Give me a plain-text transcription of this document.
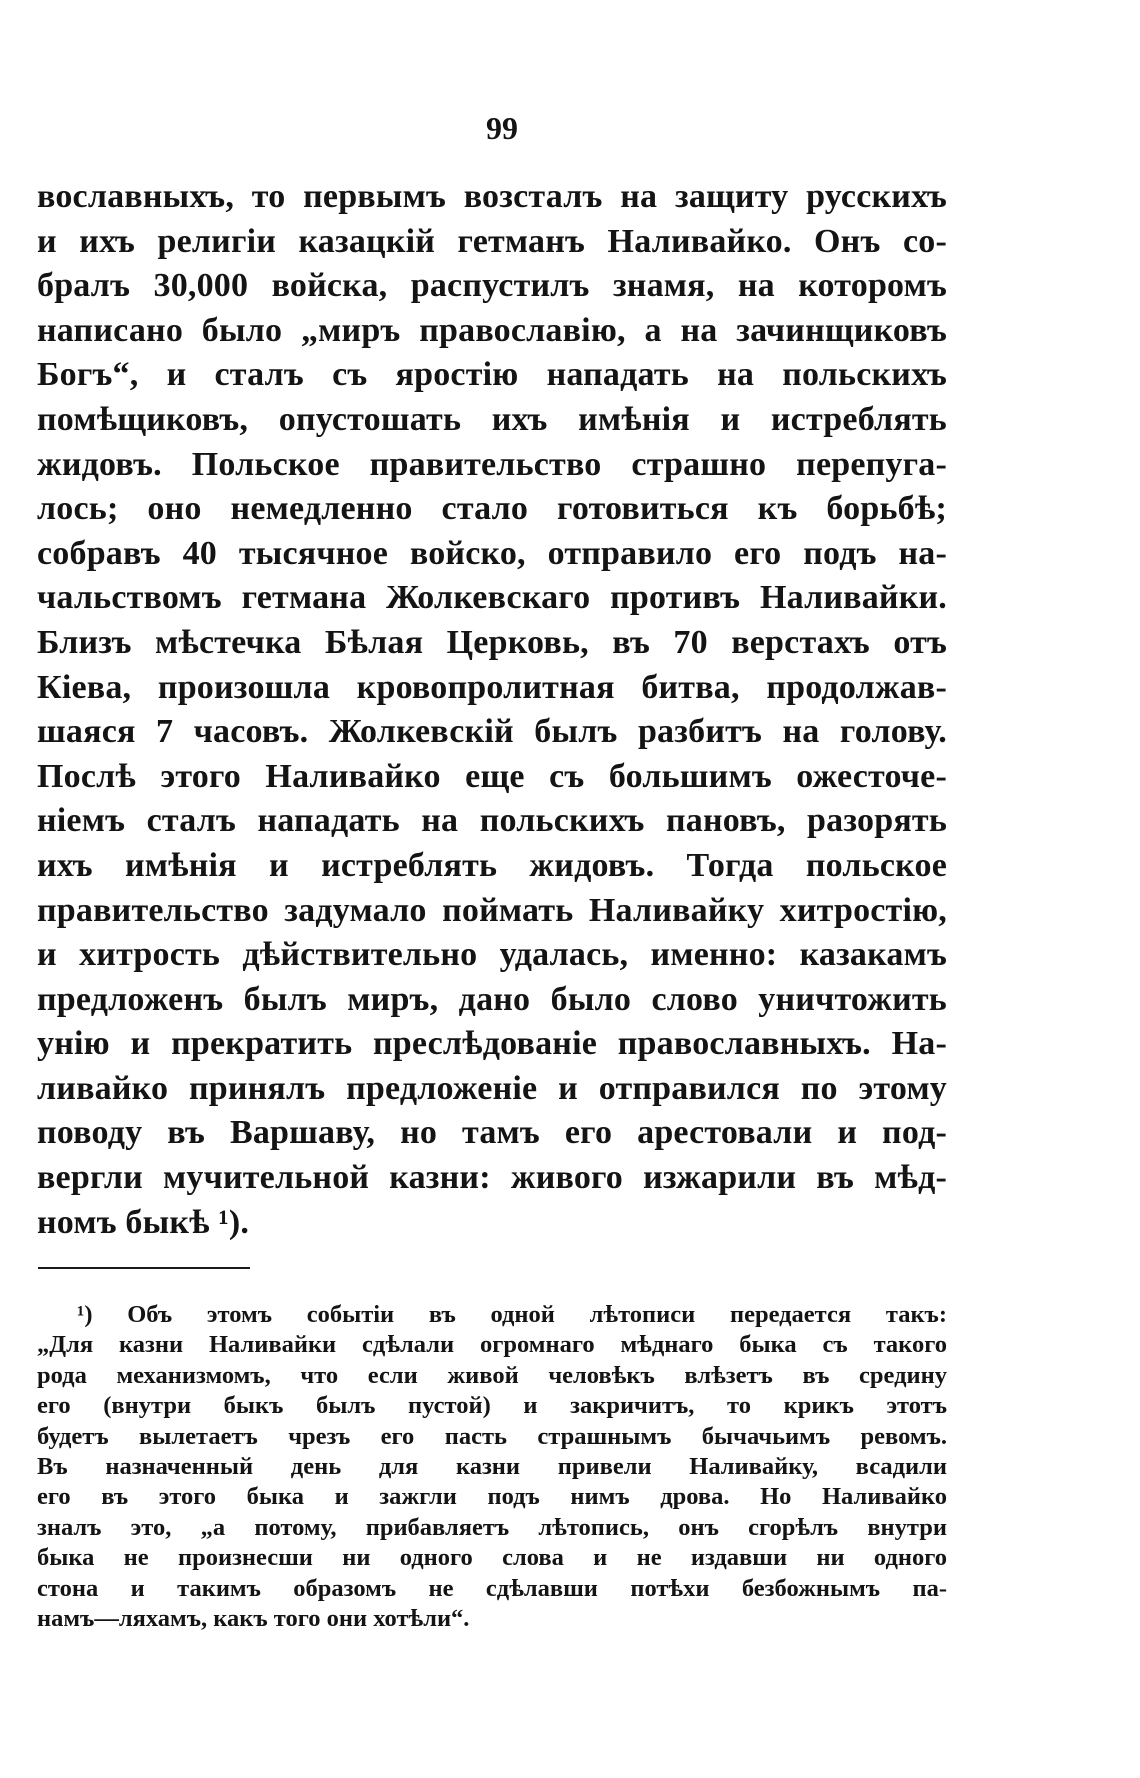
99
вославныхъ, то первымъ возсталъ на защиту русскихъ
и ихъ религіи казацкій гетманъ Наливайко. Онъ со-
бралъ 30,000 войска, распустилъ знамя, на которомъ
написано было „миръ православію, а на зачинщиковъ
Богъ“, и сталъ съ яростію нападать на польскихъ
помѣщиковъ, опустошать ихъ имѣнія и истреблять
жидовъ. Польское правительство страшно перепуга-
лось; оно немедленно стало готовиться къ борьбѣ;
собравъ 40 тысячное войско, отправило его подъ на-
чальствомъ гетмана Жолкевскаго противъ Наливайки.
Близъ мѣстечка Бѣлая Церковь, въ 70 верстахъ отъ
Кіева, произошла кровопролитная битва, продолжав-
шаяся 7 часовъ. Жолкевскій былъ разбитъ на голову.
Послѣ этого Наливайко еще съ большимъ ожесточе-
ніемъ сталъ нападать на польскихъ пановъ, разорять
ихъ имѣнія и истреблять жидовъ. Тогда польское
правительство задумало поймать Наливайку хитростію,
и хитрость дѣйствительно удалась, именно: казакамъ
предложенъ былъ миръ, дано было слово уничтожить
унію и прекратить преслѣдованіе православныхъ. На-
ливайко принялъ предложеніе и отправился по этому
поводу въ Варшаву, но тамъ его арестовали и под-
вергли мучительной казни: живого изжарили въ мѣд-
номъ быкѣ ¹).
¹) Объ этомъ событіи въ одной лѣтописи передается такъ:
„Для казни Наливайки сдѣлали огромнаго мѣднаго быка съ такого
рода механизмомъ, что если живой человѣкъ влѣзетъ въ средину
его (внутри быкъ былъ пустой) и закричитъ, то крикъ этотъ
будетъ вылетаетъ чрезъ его пасть страшнымъ бычачьимъ ревомъ.
Въ назначенный день для казни привели Наливайку, всадили
его въ этого быка и зажгли подъ нимъ дрова. Но Наливайко
зналъ это, „а потому, прибавляетъ лѣтопись, онъ сгорѣлъ внутри
быка не произнесши ни одного слова и не издавши ни одного
стона и такимъ образомъ не сдѣлавши потѣхи безбожнымъ па-
намъ—ляхамъ, какъ того они хотѣли“.
